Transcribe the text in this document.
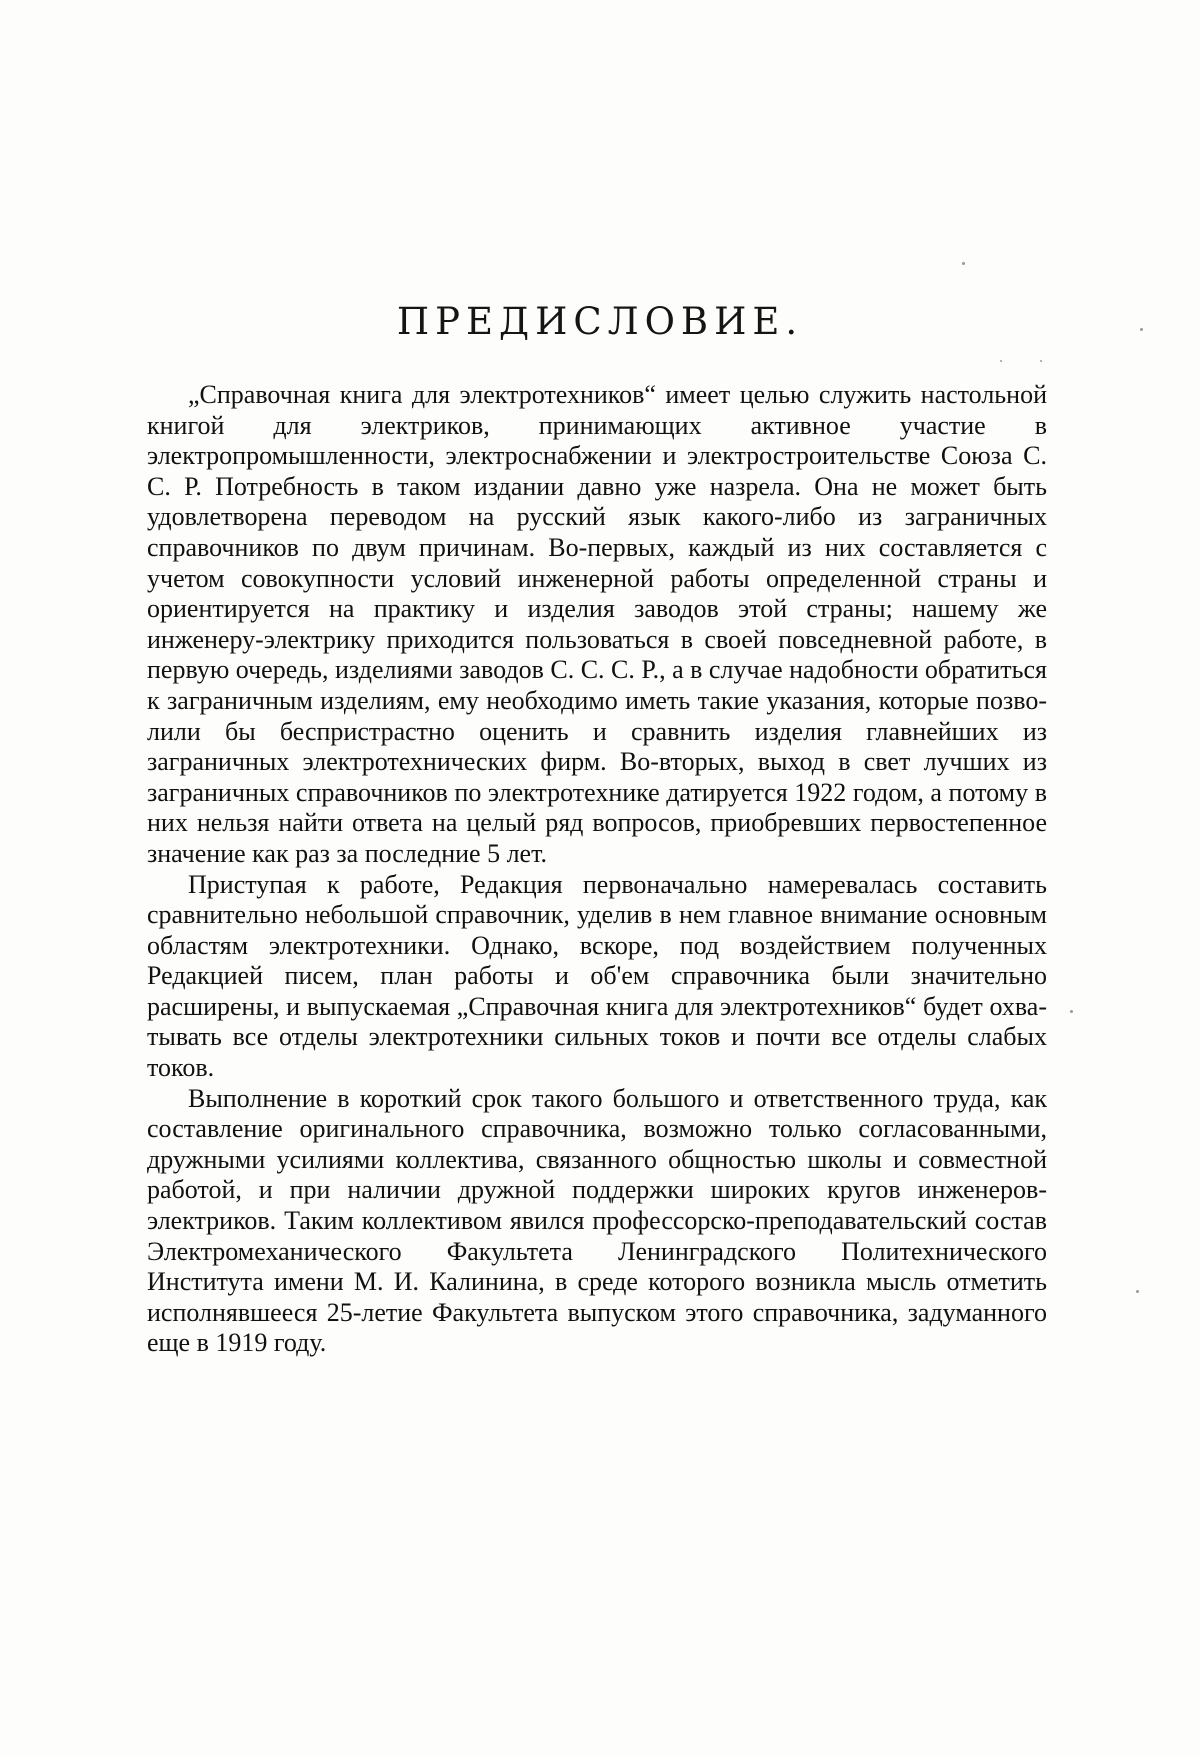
ПРЕДИСЛОВИЕ.

„Справочная книга для электротехников“ имеет целью служить настольной книгой для электриков, принимающих активное участие в электропромышленности, электроснабжении и электростроительстве Союза С. С. Р. Потребность в таком издании давно уже назрела. Она не может быть удовлетворена переводом на русский язык какого-либо из заграничных справочников по двум причинам. Во-первых, каждый из них составляется с учетом совокупности условий инженерной работы определенной страны и ориентируется на практику и изделия заводов этой страны; нашему же инженеру-электрику приходится пользоваться в своей повседневной работе, в первую очередь, изделиями заводов С. С. С. Р., а в случае надобности обратиться к заграничным изделиям, ему необходимо иметь такие указания, которые позволили бы беспристрастно оценить и сравнить изделия главнейших из заграничных электротехнических фирм. Во-вторых, выход в свет лучших из заграничных справочников по электротехнике датируется 1922 годом, а потому в них нельзя найти ответа на целый ряд вопросов, приобревших первостепенное значение как раз за последние 5 лет.

Приступая к работе, Редакция первоначально намеревалась составить сравнительно небольшой справочник, уделив в нем главное внимание основным областям электротехники. Однако, вскоре, под воздействием полученных Редакцией писем, план работы и об'ем справочника были значительно расширены, и выпускаемая „Справочная книга для электротехников“ будет охватывать все отделы электротехники сильных токов и почти все отделы слабых токов.

Выполнение в короткий срок такого большого и ответственного труда, как составление оригинального справочника, возможно только согласованными, дружными усилиями коллектива, связанного общностью школы и совместной работой, и при наличии дружной поддержки широких кругов инженеров-электриков. Таким коллективом явился профессорско-преподавательский состав Электромеханического Факультета Ленинградского Политехнического Института имени М. И. Калинина, в среде которого возникла мысль отметить исполнявшееся 25-летие Факультета выпуском этого справочника, задуманного еще в 1919 году.
